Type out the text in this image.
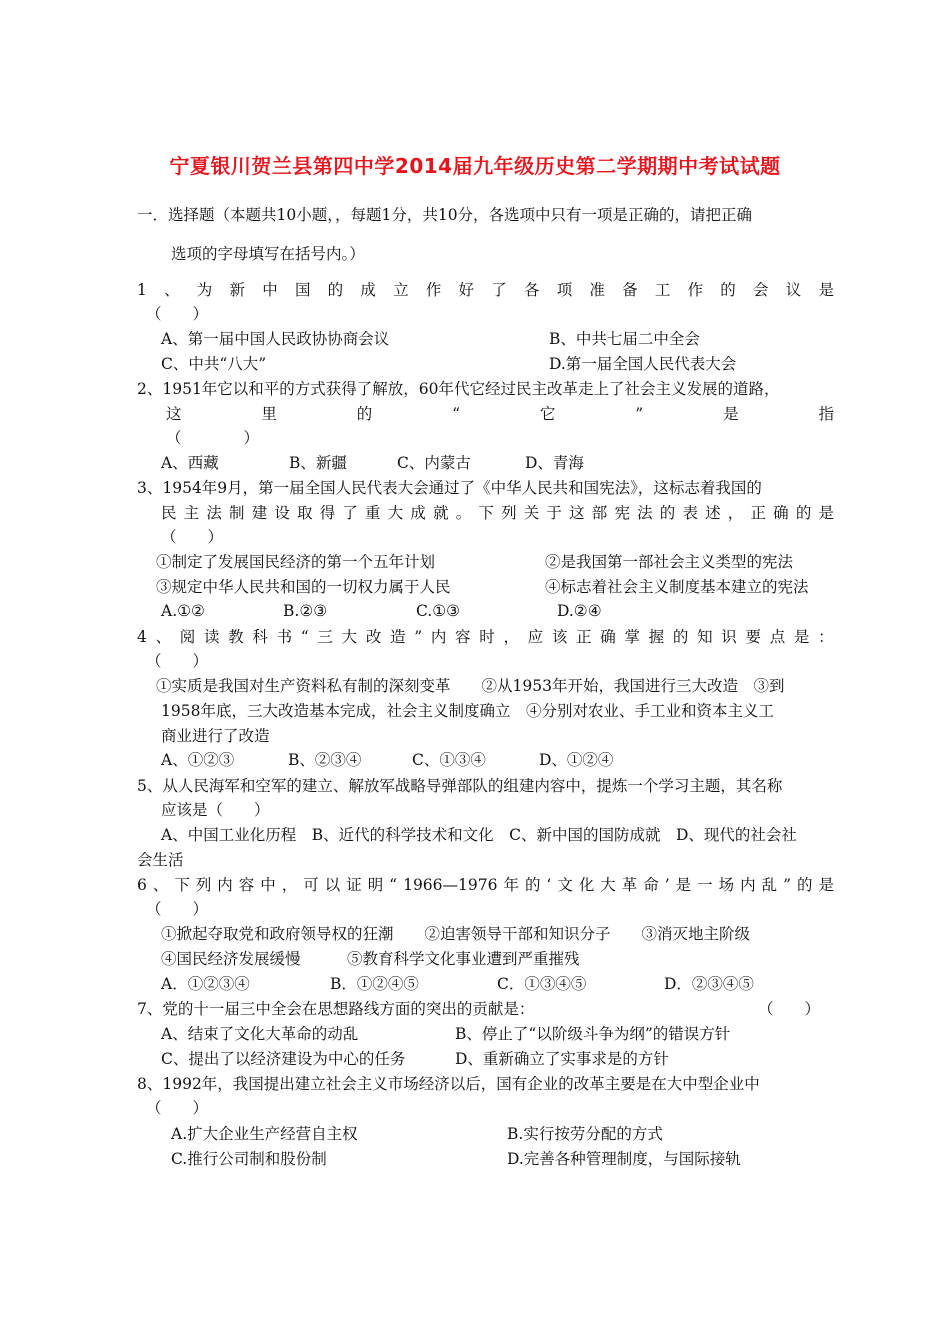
宁夏银川贺兰县第四中学2014届九年级历史第二学期期中考试试题
一．选择题（本题共10小题，，每题1分，共10分，各选项中只有一项是正确的，请把正确
选项的字母填写在括号内。）
1 、 为 新 中 国 的 成 立 作 好 了 各 项 准 备 工 作 的 会 议 是
（　　）
A、第一届中国人民政协协商会议	B、中共七届二中全会
C、中共“八大”	D.第一届全国人民代表大会
2、1951年它以和平的方式获得了解放，60年代它经过民主改革走上了社会主义发展的道路，
这	里	的	“	它	”	是	指
（　　　　）
A、西藏	B、新疆	C、内蒙古	D、青海
3、1954年9月，第一届全国人民代表大会通过了《中华人民共和国宪法》，这标志着我国的
民 主 法 制 建 设 取 得 了 重 大 成 就 。 下 列 关 于 这 部 宪 法 的 表 述 ， 正 确 的 是
（　　）
①制定了发展国民经济的第一个五年计划	②是我国第一部社会主义类型的宪法
③规定中华人民共和国的一切权力属于人民	④标志着社会主义制度基本建立的宪法
A.①②	B.②③	C.①③	D.②④
4 、 阅 读 教 科 书 “ 三 大 改 造 ” 内 容 时 ， 应 该 正 确 掌 握 的 知 识 要 点 是 ：
（　　）
①实质是我国对生产资料私有制的深刻变革　　②从1953年开始，我国进行三大改造　③到
1958年底，三大改造基本完成，社会主义制度确立　④分别对农业、手工业和资本主义工
商业进行了改造
A、①②③	B、②③④	C、①③④	D、①②④
5、从人民海军和空军的建立、解放军战略导弹部队的组建内容中，提炼一个学习主题，其名称
应该是（　　）
A、中国工业化历程　B、近代的科学技术和文化　C、新中国的国防成就　D、现代的社会社
会生活
6 、 下 列 内 容 中 ， 可 以 证 明 “ 1966—1976 年 的 ‘ 文 化 大 革 命 ’ 是 一 场 内 乱 ” 的 是
（　　）
①掀起夺取党和政府领导权的狂潮　　②迫害领导干部和知识分子　　③消灭地主阶级
④国民经济发展缓慢　　　⑤教育科学文化事业遭到严重摧残
A．①②③④	B．①②④⑤	C．①③④⑤	D．②③④⑤
7、党的十一届三中全会在思想路线方面的突出的贡献是：	（　　）
A、结束了文化大革命的动乱	B、停止了“以阶级斗争为纲”的错误方针
C、提出了以经济建设为中心的任务	D、重新确立了实事求是的方针
8、1992年，我国提出建立社会主义市场经济以后，国有企业的改革主要是在大中型企业中
（　　）
A.扩大企业生产经营自主权	B.实行按劳分配的方式
C.推行公司制和股份制	D.完善各种管理制度，与国际接轨
